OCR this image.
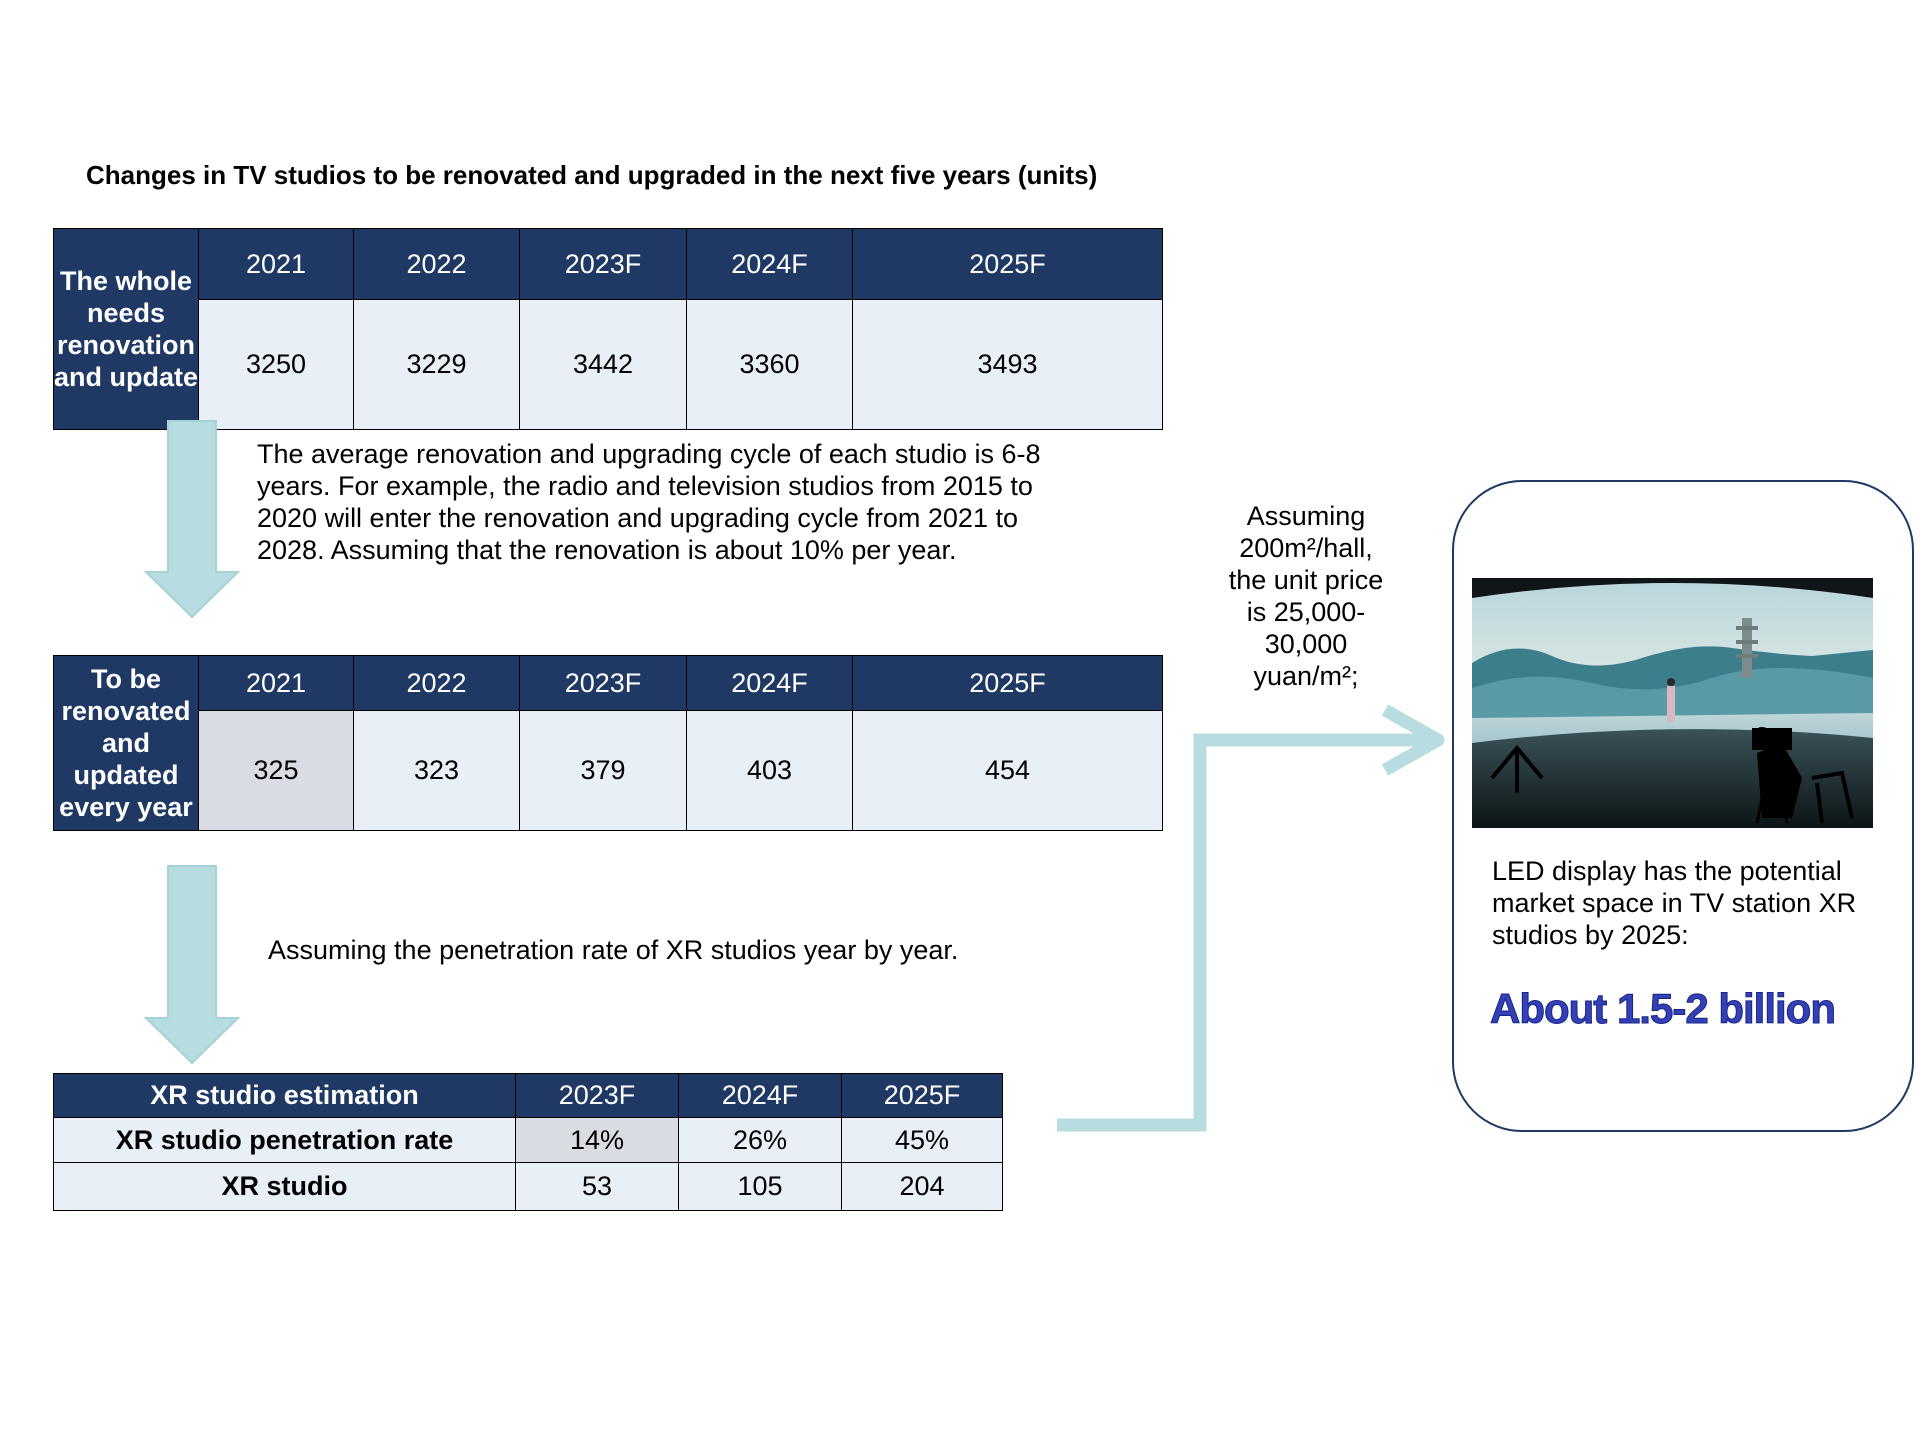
Changes in TV studios to be renovated and upgraded in the next five years (units)
The whole needs renovation and update	2021	2022	2023F	2024F	2025F
	3250	3229	3442	3360	3493
The average renovation and upgrading cycle of each studio is 6-8 years. For example, the radio and television studios from 2015 to 2020 will enter the renovation and upgrading cycle from 2021 to 2028. Assuming that the renovation is about 10% per year.
To be renovated and updated every year	2021	2022	2023F	2024F	2025F
	325	323	379	403	454
Assuming the penetration rate of XR studios year by year.
XR studio estimation	2023F	2024F	2025F
XR studio penetration rate	14%	26%	45%
XR studio	53	105	204
Assuming 200m²/hall, the unit price is 25,000-30,000 yuan/m²;
LED display has the potential market space in TV station XR studios by 2025:
About 1.5-2 billion
